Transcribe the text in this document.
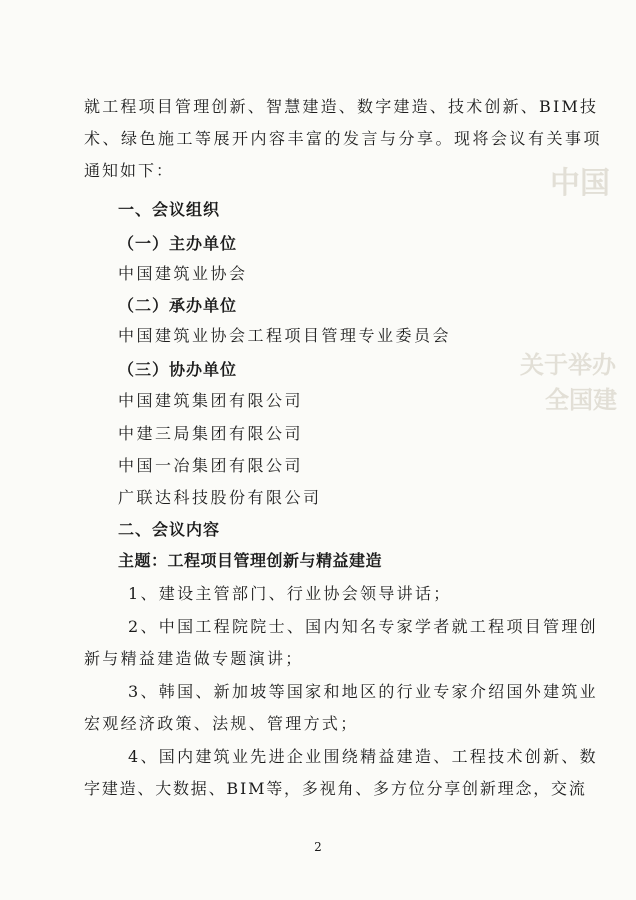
中国
关于举办
全国建
就工程项目管理创新、智慧建造、数字建造、技术创新、BIM技
术、绿色施工等展开内容丰富的发言与分享。现将会议有关事项
通知如下：
一、会议组织
（一）主办单位
中国建筑业协会
（二）承办单位
中国建筑业协会工程项目管理专业委员会
（三）协办单位
中国建筑集团有限公司
中建三局集团有限公司
中国一冶集团有限公司
广联达科技股份有限公司
二、会议内容
主题：工程项目管理创新与精益建造
1、建设主管部门、行业协会领导讲话；
2、中国工程院院士、国内知名专家学者就工程项目管理创
新与精益建造做专题演讲；
3、韩国、新加坡等国家和地区的行业专家介绍国外建筑业
宏观经济政策、法规、管理方式；
4、国内建筑业先进企业围绕精益建造、工程技术创新、数
字建造、大数据、BIM等，多视角、多方位分享创新理念，交流
2
